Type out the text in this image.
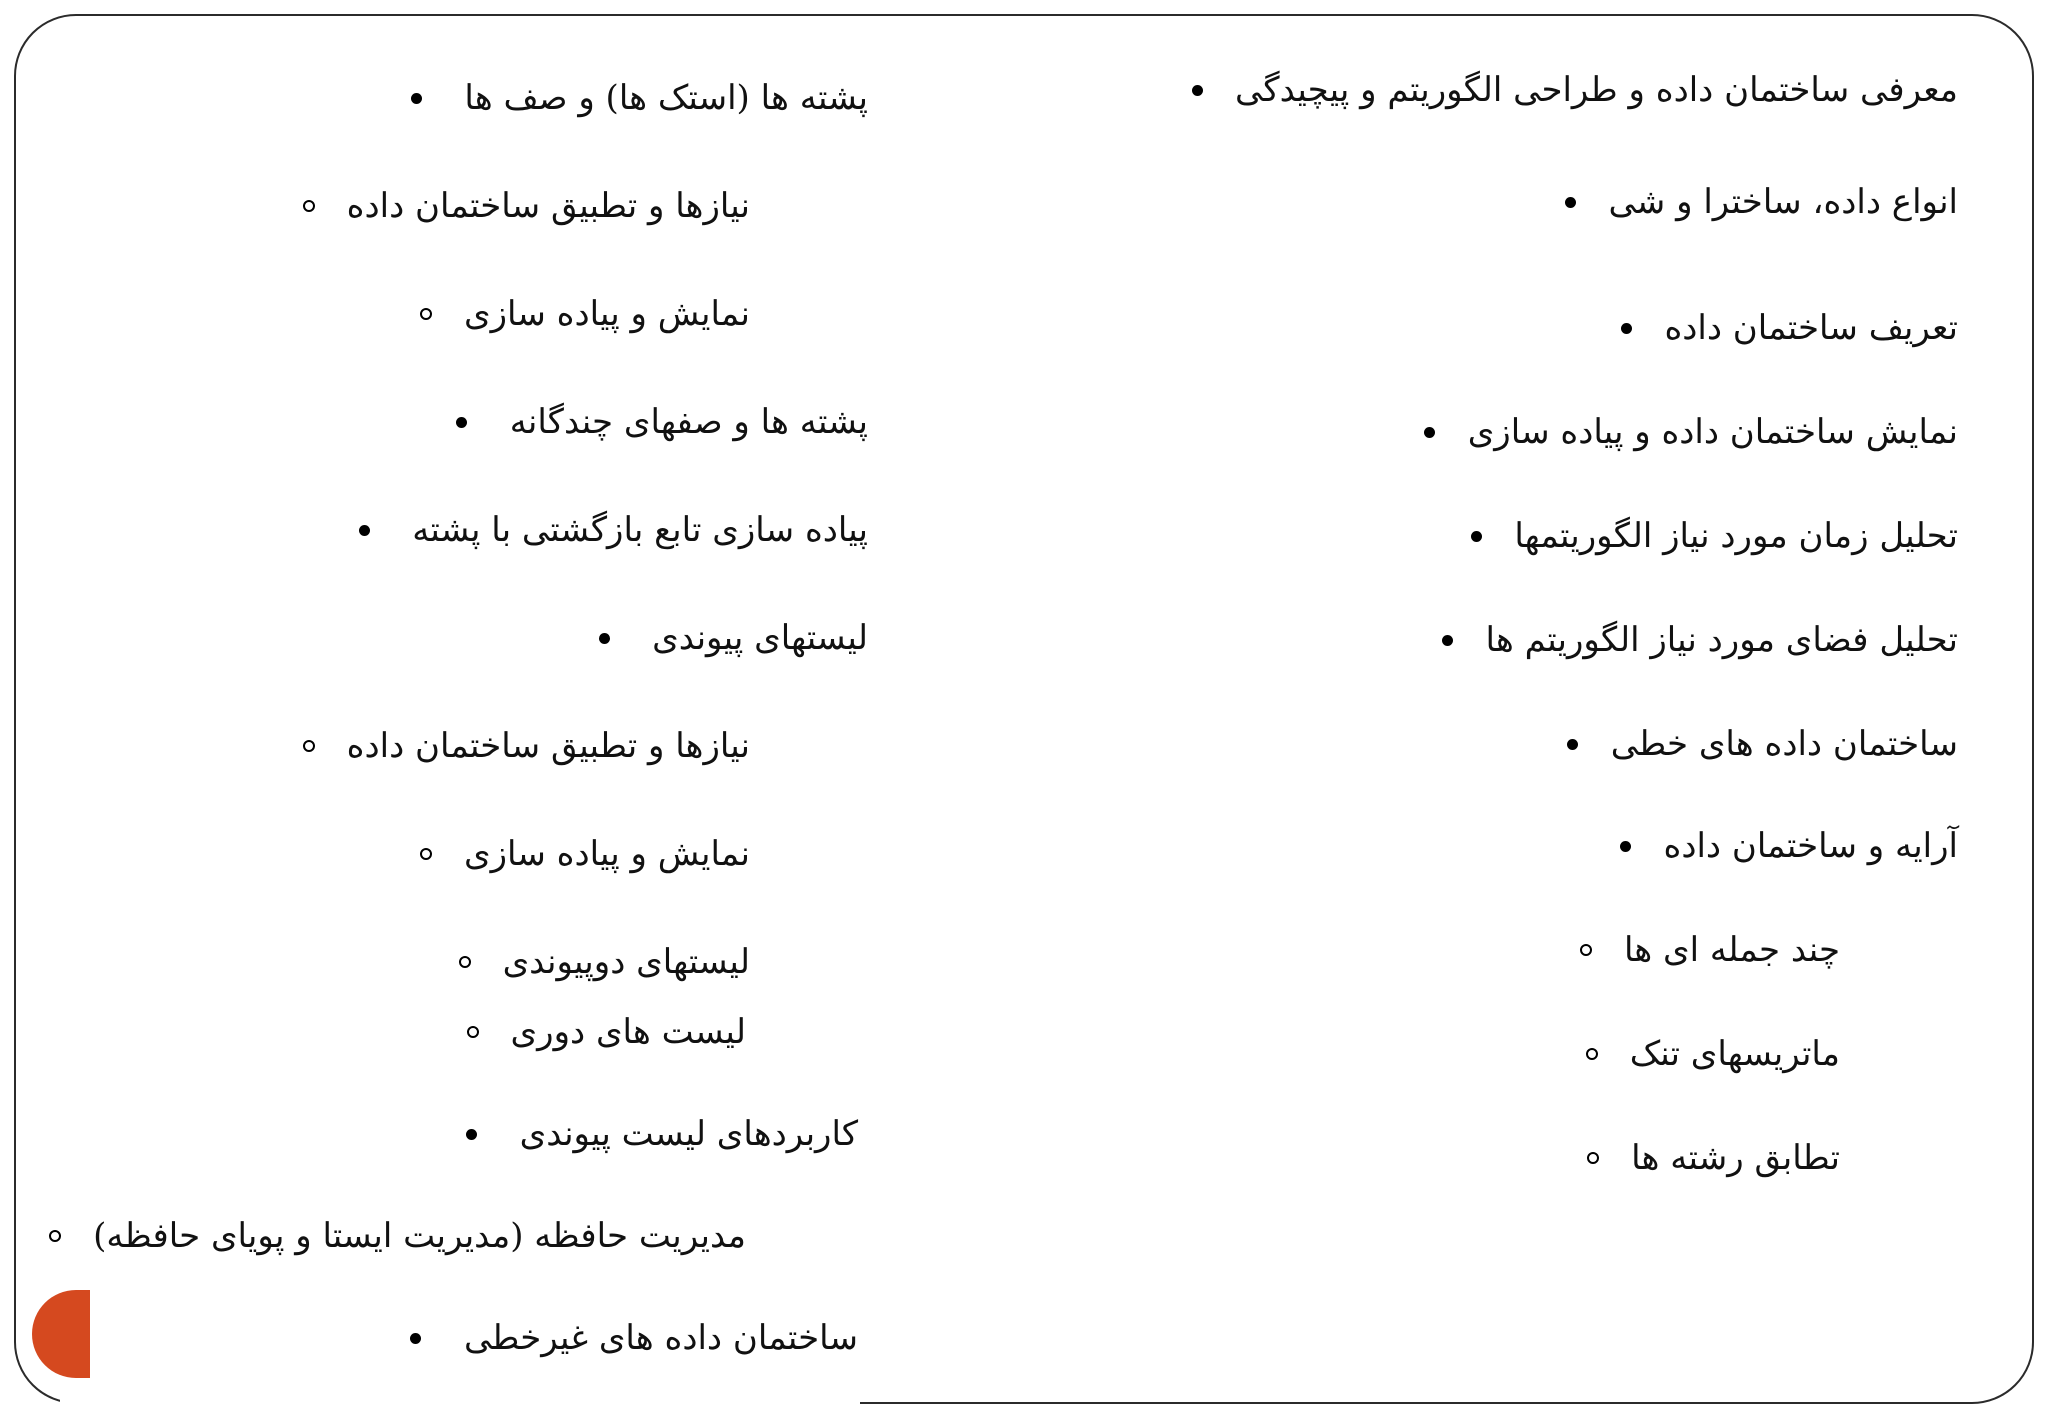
معرفی ساختمان داده و طراحی الگوریتم و پیچیدگی
انواع داده، ساخترا و شی
تعریف ساختمان داده
نمایش ساختمان داده و پیاده سازی
تحلیل زمان مورد نیاز الگوریتمها
تحلیل فضای مورد نیاز الگوریتم ها
ساختمان داده های خطی
آرایه و ساختمان داده
چند جمله ای ها
ماتریسهای تنک
تطابق رشته ها
پشته ها (استک ها) و صف ها
نیازها و تطبیق ساختمان داده
نمایش و پیاده سازی
پشته ها و صفهای چندگانه
پیاده سازی تابع بازگشتی با پشته
لیستهای پیوندی
نیازها و تطبیق ساختمان داده
نمایش و پیاده سازی
لیستهای دوپیوندی
لیست های دوری
کاربردهای لیست پیوندی
مدیریت حافظه (مدیریت ایستا و پویای حافظه)
ساختمان داده های غیرخطی
